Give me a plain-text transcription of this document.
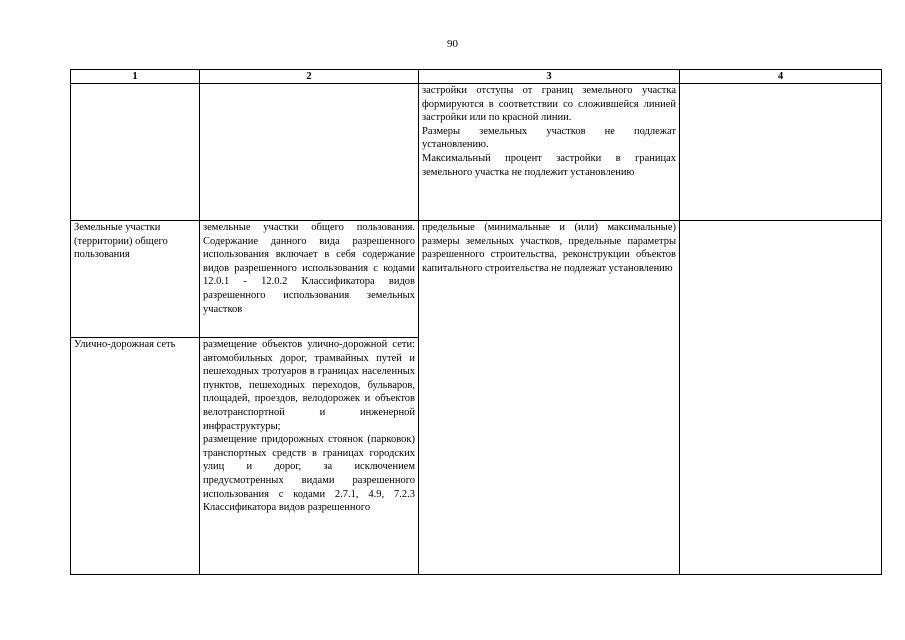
90
1	2	3	4

		застройки отступы от границ земельного участка формируются в соответствии со сложившейся линией застройки или по красной линии.
Размеры земельных участков не подлежат установлению.
Максимальный процент застройки в границах земельного участка не подлежит установлению	

Земельные участки (территории) общего пользования	земельные участки общего пользования. Содержание данного вида разрешенного использования включает в себя содержание видов разрешенного использования с кодами 12.0.1 - 12.0.2 Классификатора видов разрешенного использования земельных участков	предельные (минимальные и (или) максимальные) размеры земельных участков, предельные параметры разрешенного строительства, реконструкции объектов капитального строительства не подлежат установлению	

Улично-дорожная сеть	размещение объектов улично-дорожной сети: автомобильных дорог, трамвайных путей и пешеходных тротуаров в границах населенных пунктов, пешеходных переходов, бульваров, площадей, проездов, велодорожек и объектов велотранспортной и инженерной инфраструктуры;
размещение придорожных стоянок (парковок) транспортных средств в границах городских улиц и дорог, за исключением предусмотренных видами разрешенного использования с кодами 2.7.1, 4.9, 7.2.3 Классификатора видов разрешенного		
